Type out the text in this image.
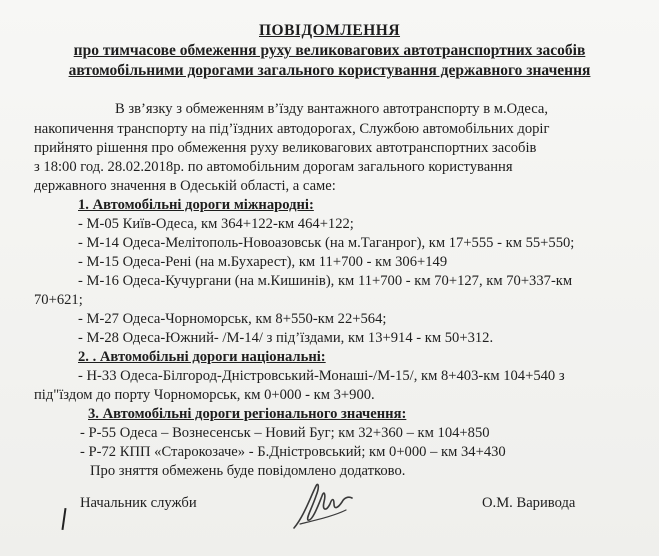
ПОВІДОМЛЕННЯ
про тимчасове обмеження руху великовагових автотранспортних засобів
автомобільними дорогами загального користування державного значення
В зв’язку з обмеженням в’їзду вантажного автотранспорту в м.Одеса,
накопичення транспорту на під’їздних автодорогах, Службою автомобільних доріг
прийнято рішення про обмеження руху великовагових автотранспортних засобів
з 18:00 год. 28.02.2018р. по автомобільним дорогам загального користування
державного значення в Одеській області, а саме:
1. Автомобільні дороги міжнародні:
- М-05 Київ-Одеса, км 364+122-км 464+122;
- М-14 Одеса-Мелітополь-Новоазовськ (на м.Таганрог), км 17+555 - км 55+550;
- М-15 Одеса-Рені (на м.Бухарест), км 11+700 - км 306+149
- М-16 Одеса-Кучургани (на м.Кишинів), км 11+700 - км 70+127, км 70+337-км
70+621;
- М-27 Одеса-Чорноморськ, км 8+550-км 22+564;
- М-28 Одеса-Южний- /М-14/ з під’їздами, км 13+914 - км 50+312.
2. . Автомобільні дороги національні:
- Н-33 Одеса-Білгород-Дністровський-Монаші-/М-15/, км 8+403-км 104+540 з
під"їздом до порту Чорноморськ, км 0+000 - км 3+900.
3. Автомобільні дороги регіонального значення:
- Р-55 Одеса – Вознесенськ – Новий Буг; км 32+360 – км 104+850
- Р-72 КПП «Старокозаче» - Б.Дністровський; км 0+000 – км 34+430
Про зняття обмежень буде повідомлено додатково.
Начальник служби	О.М. Варивода
